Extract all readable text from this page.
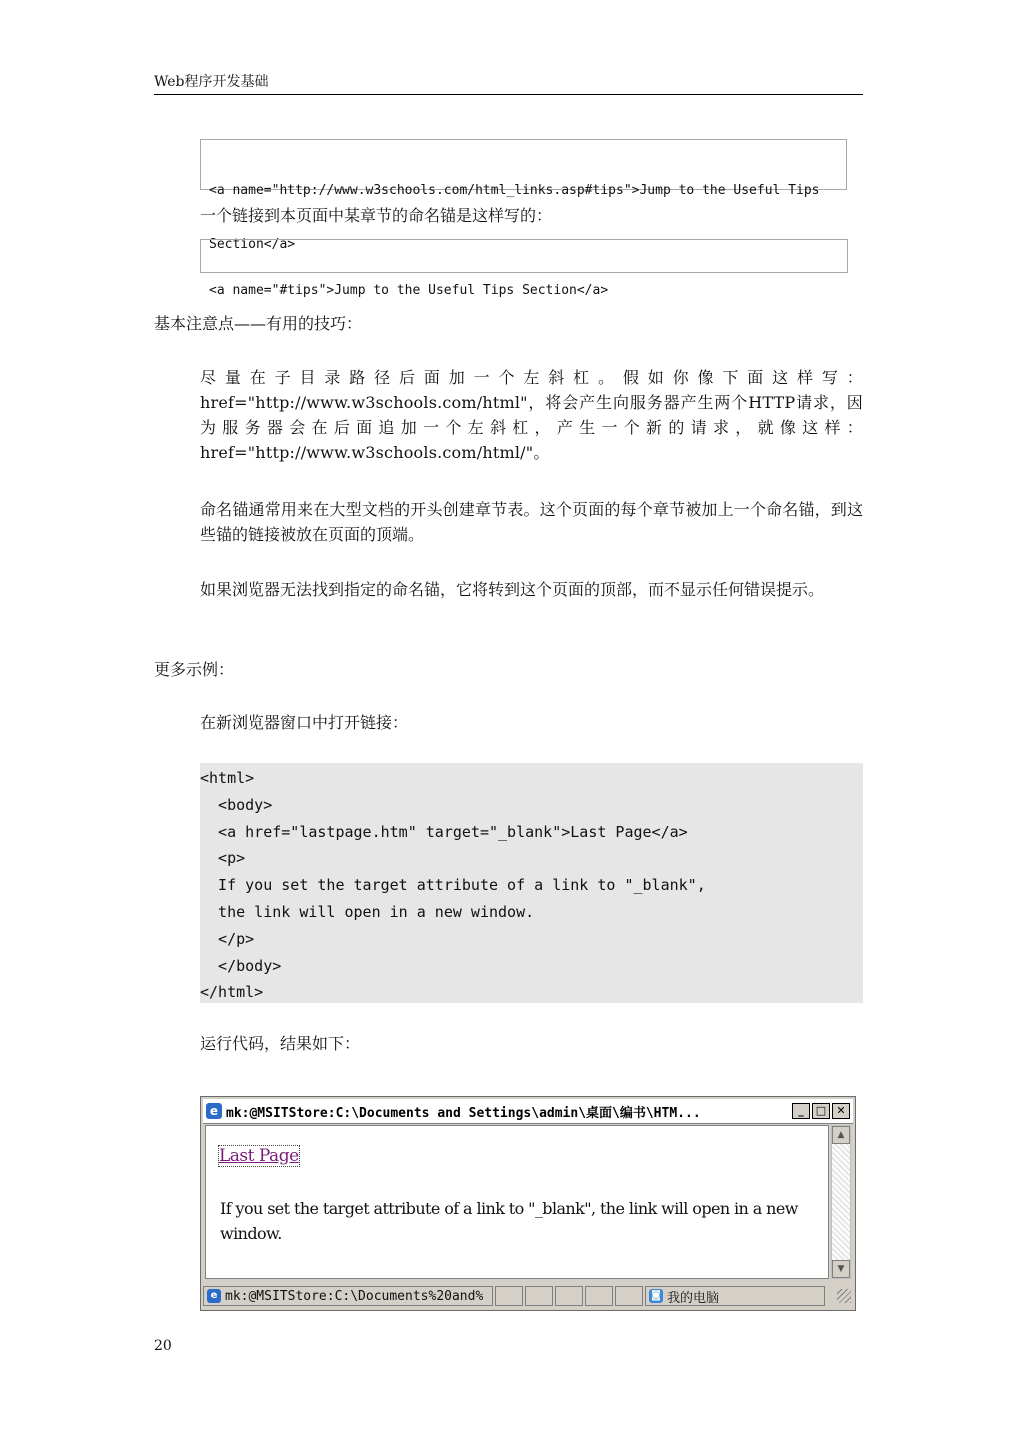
Web程序开发基础

<a name="http://www.w3schools.com/html_links.asp#tips">Jump to the Useful Tips

Section</a>

一个链接到本页面中某章节的命名锚是这样写的：

<a name="#tips">Jump to the Useful Tips Section</a>

基本注意点——有用的技巧：
尽量在子目录路径后面加一个左斜杠。假如你像下面这样写：href="http://www.w3schools.com/html"，将会产生向服务器产生两个HTTP请求，因为服务器会在后面追加一个左斜杠，产生一个新的请求，就像这样：href="http://www.w3schools.com/html/"。
命名锚通常用来在大型文档的开头创建章节表。这个页面的每个章节被加上一个命名锚，到这些锚的链接被放在页面的顶端。
如果浏览器无法找到指定的命名锚，它将转到这个页面的顶部，而不显示任何错误提示。
更多示例：
在新浏览器窗口中打开链接：
<html>
<body>
<a href="lastpage.htm" target="_blank">Last Page</a>
<p>
If you set the target attribute of a link to "_blank",
the link will open in a new window.
</p>
</body>
</html>
运行代码，结果如下：
e mk:@MSITStore:C:\Documents and Settings\admin\桌面\编书\HTM...	_	□ ✕
Last Page
If you set the target attribute of a link to "_blank", the link will open in a new window.
▲
▼
e mk:@MSITStore:C:\Documents%20and%	◙ 我的电脑
20
